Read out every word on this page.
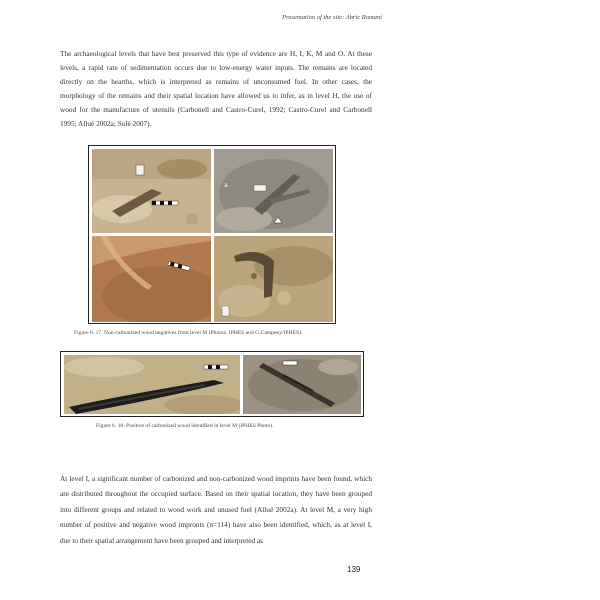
Presentation of the site: Abric Romaní

The archaeological levels that have best preserved this type of evidence are H, I, K, M and O. At these levels, a rapid rate of sedimentation occurs due to low-energy water inputs. The remains are located directly on the hearths, which is interpreted as remains of unconsumed fuel. In other cases, the morphology of the remains and their spatial location have allowed us to infer, as in level H, the use of wood for the manufacture of utensils (Carbonell and Castro-Curel, 1992; Castro-Curel and Carbonell 1995; Allué 2002a; Solé 2007).

a
Figure 6. 17. Non-carbonized wood negatives from level M (Photos: IPHES and G.Campeny/IPHES).
Figure 6. 18. Positive of carbonized wood identified in level M (IPHES Photo).

At level I, a significant number of carbonized and non-carbonized wood imprints have been found, which are distributed throughout the occupied surface. Based on their spatial location, they have been grouped into different groups and related to wood work and unused fuel (Allué 2002a). At level M, a very high number of positive and negative wood impronts (n=114) have also been identified, which, as at level I, due to their spatial arrangement have been grouped and interpreted as

139
